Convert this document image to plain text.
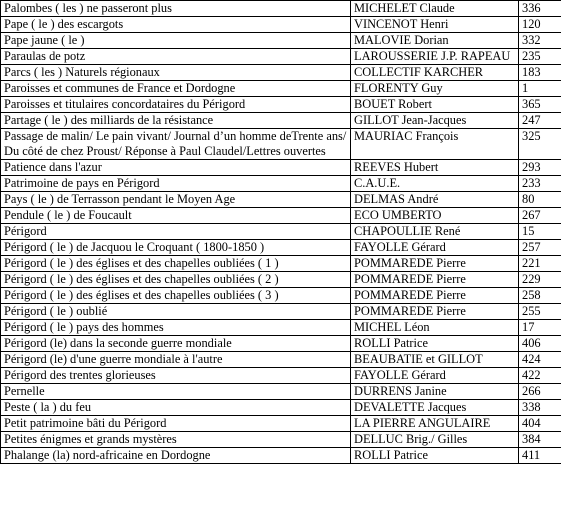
Palombes ( les ) ne passeront plus	MICHELET Claude	336
Pape ( le ) des escargots	VINCENOT Henri	120
Pape jaune ( le )	MALOVIE Dorian	332
Paraulas de potz	LAROUSSERIE J.P. RAPEAU	235
Parcs ( les ) Naturels régionaux	COLLECTIF KARCHER	183
Paroisses et communes de France et Dordogne	FLORENTY Guy	1
Paroisses et titulaires concordataires du Périgord	BOUET Robert	365
Partage ( le ) des milliards de la résistance	GILLOT Jean-Jacques	247
Passage de malin/ Le pain vivant/ Journal d’un homme deTrente ans/ Du côté de chez Proust/ Réponse à Paul Claudel/Lettres ouvertes	MAURIAC François	325
Patience dans l'azur	REEVES Hubert	293
Patrimoine de pays en Périgord	C.A.U.E.	233
Pays ( le ) de Terrasson pendant le Moyen Age	DELMAS André	80
Pendule ( le ) de Foucault	ECO UMBERTO	267
Périgord	CHAPOULLIE René	15
Périgord ( le ) de Jacquou le Croquant ( 1800-1850 )	FAYOLLE Gérard	257
Périgord ( le ) des églises et des chapelles oubliées ( 1 )	POMMAREDE Pierre	221
Périgord ( le ) des églises et des chapelles oubliées ( 2 )	POMMAREDE Pierre	229
Périgord ( le ) des églises et des chapelles oubliées ( 3 )	POMMAREDE Pierre	258
Périgord ( le ) oublié	POMMAREDE Pierre	255
Périgord ( le ) pays des hommes	MICHEL Léon	17
Périgord (le) dans la seconde guerre mondiale	ROLLI Patrice	406
Périgord (le) d'une guerre mondiale à l'autre	BEAUBATIE et GILLOT	424
Périgord des trentes glorieuses	FAYOLLE Gérard	422
Pernelle	DURRENS Janine	266
Peste ( la ) du feu	DEVALETTE Jacques	338
Petit patrimoine bâti du Périgord	LA PIERRE ANGULAIRE	404
Petites énigmes et grands mystères	DELLUC Brig./ Gilles	384
Phalange (la) nord-africaine en Dordogne	ROLLI Patrice	411
